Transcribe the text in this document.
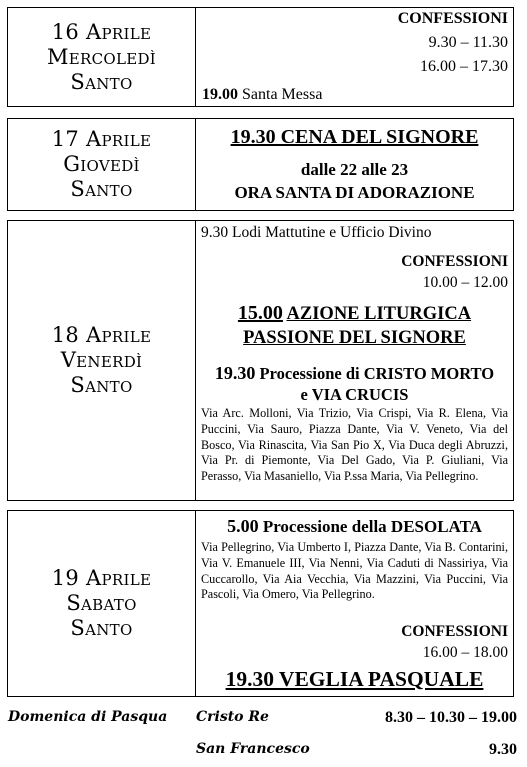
16 Aprile
Mercoledì
Santo
CONFESSIONI
9.30 – 11.30
16.00 – 17.30
19.00 Santa Messa
17 Aprile
Giovedì
Santo
19.30 CENA DEL SIGNORE
dalle 22 alle 23
ORA SANTA DI ADORAZIONE
18 Aprile
Venerdì
Santo
9.30 Lodi Mattutine e Ufficio Divino
CONFESSIONI
10.00 – 12.00
15.00 AZIONE LITURGICA
PASSIONE DEL SIGNORE
19.30 Processione di CRISTO MORTO
e VIA CRUCIS
Via Arc. Molloni, Via Trizio, Via Crispi, Via R. Elena, Via Puccini, Via Sauro, Piazza Dante, Via V. Veneto, Via del Bosco, Via Rinascita, Via San Pio X, Via Duca degli Abruzzi, Via Pr. di Piemonte, Via Del Gado, Via P. Giuliani, Via Perasso, Via Masaniello, Via P.ssa Maria, Via Pellegrino.
19 Aprile
Sabato
Santo
5.00 Processione della DESOLATA
Via Pellegrino, Via Umberto I, Piazza Dante, Via B. Contarini, Via V. Emanuele III, Via Nenni, Via Caduti di Nassiriya, Via Cuccarollo, Via Aia Vecchia, Via Mazzini, Via Puccini, Via Pascoli, Via Omero, Via Pellegrino.
CONFESSIONI
16.00 – 18.00
19.30 VEGLIA PASQUALE
Domenica di Pasqua Cristo Re	8.30 – 10.30 – 19.00
San Francesco	9.30
